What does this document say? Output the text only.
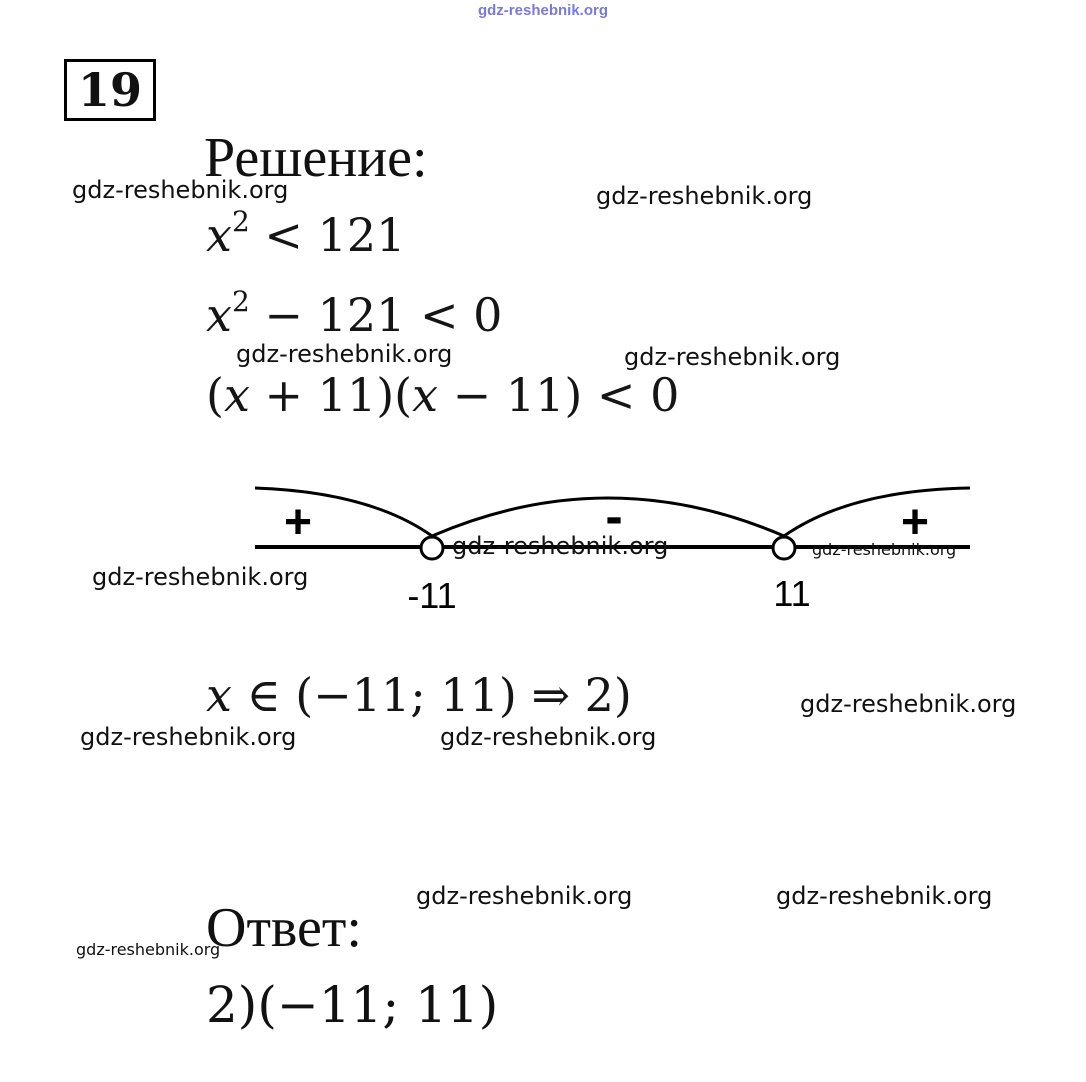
gdz-reshebnik.org
19
Решение:
$x^2 < 121$
$x^2 - 121 < 0$
(𝑥 + 11)(𝑥 − 11) < 0
+	-	+
-11	11
𝑥 ∈ (−11; 11) ⇒ 2)
Ответ:
2)(−11; 11)
gdz-reshebnik.org	gdz-reshebnik.org
gdz-reshebnik.org	gdz-reshebnik.org
gdz-reshebnik.org	gdz-reshebnik.org
gdz-reshebnik.org
gdz-reshebnik.org
gdz-reshebnik.org	gdz-reshebnik.org
gdz-reshebnik.org	gdz-reshebnik.org
gdz-reshebnik.org
